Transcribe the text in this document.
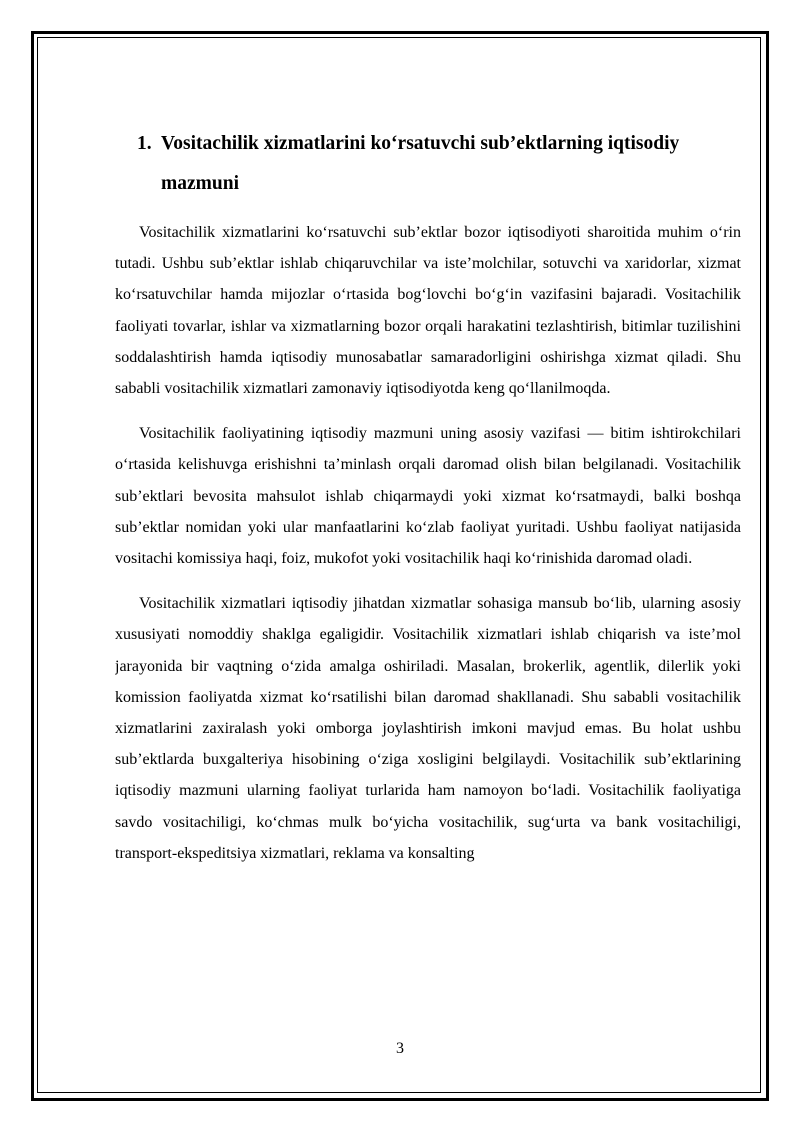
1. Vositachilik xizmatlarini ko‘rsatuvchi sub’ektlarning iqtisodiy mazmuni

Vositachilik xizmatlarini ko‘rsatuvchi sub’ektlar bozor iqtisodiyoti sharoitida muhim o‘rin tutadi. Ushbu sub’ektlar ishlab chiqaruvchilar va iste’molchilar, sotuvchi va xaridorlar, xizmat ko‘rsatuvchilar hamda mijozlar o‘rtasida bog‘lovchi bo‘g‘in vazifasini bajaradi. Vositachilik faoliyati tovarlar, ishlar va xizmatlarning bozor orqali harakatini tezlashtirish, bitimlar tuzilishini soddalashtirish hamda iqtisodiy munosabatlar samaradorligini oshirishga xizmat qiladi. Shu sababli vositachilik xizmatlari zamonaviy iqtisodiyotda keng qo‘llanilmoqda.

Vositachilik faoliyatining iqtisodiy mazmuni uning asosiy vazifasi — bitim ishtirokchilari o‘rtasida kelishuvga erishishni ta’minlash orqali daromad olish bilan belgilanadi. Vositachilik sub’ektlari bevosita mahsulot ishlab chiqarmaydi yoki xizmat ko‘rsatmaydi, balki boshqa sub’ektlar nomidan yoki ular manfaatlarini ko‘zlab faoliyat yuritadi. Ushbu faoliyat natijasida vositachi komissiya haqi, foiz, mukofot yoki vositachilik haqi ko‘rinishida daromad oladi.

Vositachilik xizmatlari iqtisodiy jihatdan xizmatlar sohasiga mansub bo‘lib, ularning asosiy xususiyati nomoddiy shaklga egaligidir. Vositachilik xizmatlari ishlab chiqarish va iste’mol jarayonida bir vaqtning o‘zida amalga oshiriladi. Masalan, brokerlik, agentlik, dilerlik yoki komission faoliyatda xizmat ko‘rsatilishi bilan daromad shakllanadi. Shu sababli vositachilik xizmatlarini zaxiralash yoki omborga joylashtirish imkoni mavjud emas. Bu holat ushbu sub’ektlarda buxgalteriya hisobining o‘ziga xosligini belgilaydi. Vositachilik sub’ektlarining iqtisodiy mazmuni ularning faoliyat turlarida ham namoyon bo‘ladi. Vositachilik faoliyatiga savdo vositachiligi, ko‘chmas mulk bo‘yicha vositachilik, sug‘urta va bank vositachiligi, transport-ekspeditsiya xizmatlari, reklama va konsalting

3
